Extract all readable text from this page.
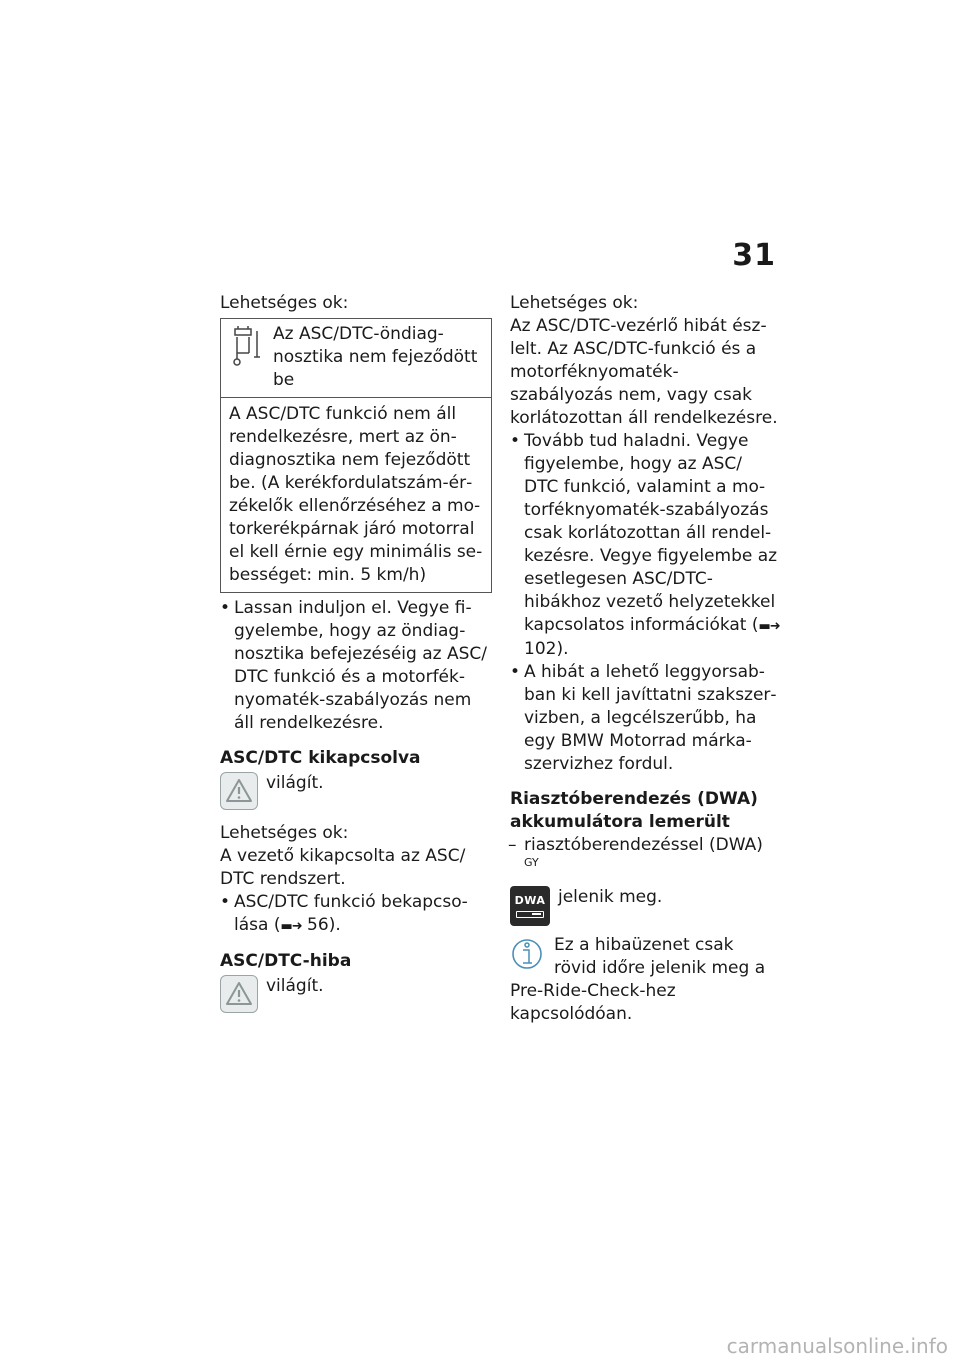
31

Lehetséges ok:

Az ASC/DTC-öndiagnosztika nem fejeződött be

A ASC/DTC funkció nem áll rendelkezésre, mert az öndiagnosztika nem fejeződött be. (A kerékfordulatszám-érzékelők ellenőrzéséhez a motorkerékpárnak járó motorral el kell érnie egy minimális sebességet: min. 5 km/h)

• Lassan induljon el. Vegye figyelembe, hogy az öndiagnosztika befejezéséig az ASC/ DTC funkció és a motorféknyomaték-szabályozás nem áll rendelkezésre.

ASC/DTC kikapcsolva

világít.

Lehetséges ok:

A vezető kikapcsolta az ASC/ DTC rendszert.

• ASC/DTC funkció bekapcsolása (▬➜ 56).

ASC/DTC-hiba

világít.

Lehetséges ok:

Az ASC/DTC-vezérlő hibát észlelt. Az ASC/DTC-funkció és a motorféknyomaték-szabályozás nem, vagy csak korlátozottan áll rendelkezésre.

• Tovább tud haladni. Vegye figyelembe, hogy az ASC/ DTC funkció, valamint a motorféknyomaték-szabályozás csak korlátozottan áll rendelkezésre. Vegye figyelembe az esetlegesen ASC/DTC-hibákhoz vezető helyzetekkel kapcsolatos információkat (▬➜ 102).
• A hibát a lehető leggyorsabban ki kell javíttatni szakszervizben, a legcélszerűbb, ha egy BMW Motorrad márkaszervizhez fordul.

Riasztóberendezés (DWA) akkumulátora lemerült

– riasztóberendezéssel (DWA) $^{GY}$
DWA jelenik meg.

Ez a hibaüzenet csak rövid időre jelenik meg a Pre-Ride-Check-hez kapcsolódóan.

carmanualsonline.info
